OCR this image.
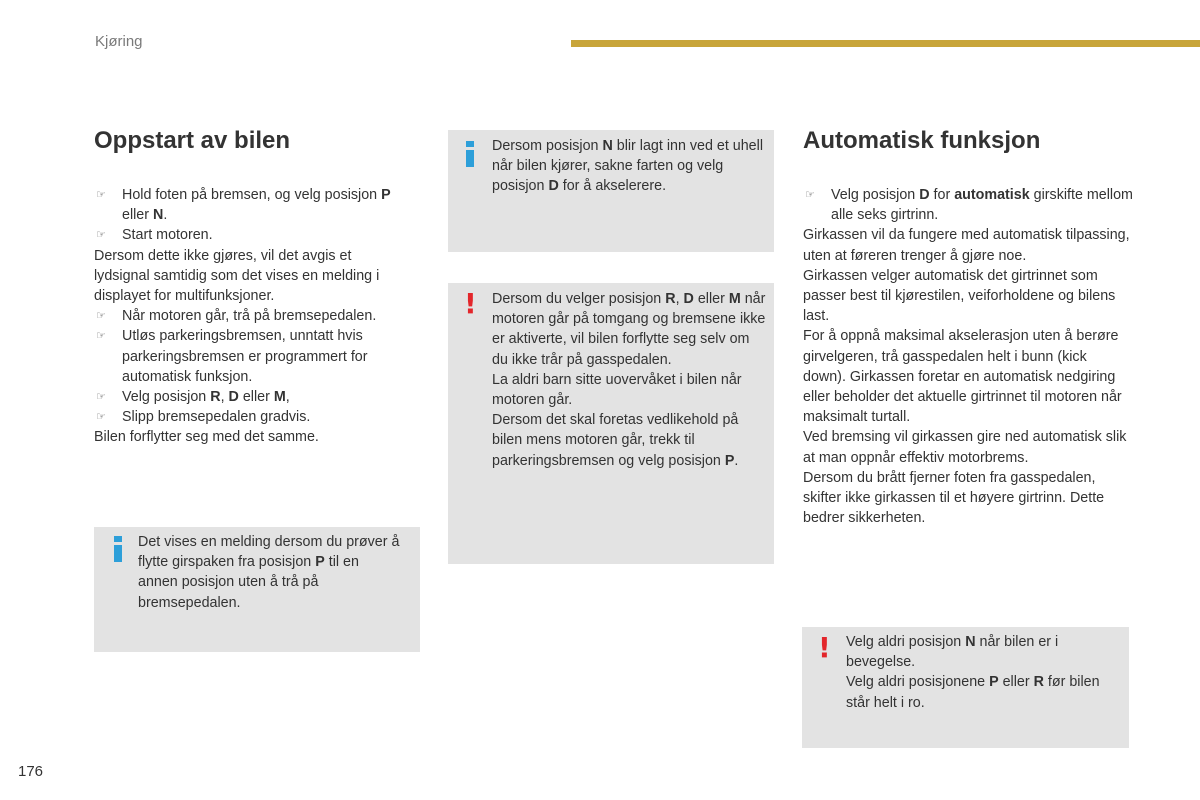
Kjøring
Oppstart av bilen

☞ Hold foten på bremsen, og velg posisjon P eller N.

☞ Start motoren.

Dersom dette ikke gjøres, vil det avgis et lydsignal samtidig som det vises en melding i displayet for multifunksjoner.

☞ Når motoren går, trå på bremsepedalen.

☞ Utløs parkeringsbremsen, unntatt hvis parkeringsbremsen er programmert for automatisk funksjon.

☞ Velg posisjon R, D eller M,

☞ Slipp bremsepedalen gradvis.

Bilen forflytter seg med det samme.

Det vises en melding dersom du prøver å flytte girspaken fra posisjon P til en annen posisjon uten å trå på bremsepedalen.

Dersom posisjon N blir lagt inn ved et uhell når bilen kjører, sakne farten og velg posisjon D for å akselerere.

! Dersom du velger posisjon R, D eller M når motoren går på tomgang og bremsene ikke er aktiverte, vil bilen forflytte seg selv om du ikke trår på gasspedalen.

La aldri barn sitte uovervåket i bilen når motoren går.

Dersom det skal foretas vedlikehold på bilen mens motoren går, trekk til parkeringsbremsen og velg posisjon P.

Automatisk funksjon

☞ Velg posisjon D for automatisk girskifte mellom alle seks girtrinn.

Girkassen vil da fungere med automatisk tilpassing, uten at føreren trenger å gjøre noe.

Girkassen velger automatisk det girtrinnet som passer best til kjørestilen, veiforholdene og bilens last.

For å oppnå maksimal akselerasjon uten å berøre girvelgeren, trå gasspedalen helt i bunn (kick down). Girkassen foretar en automatisk nedgiring eller beholder det aktuelle girtrinnet til motoren når maksimalt turtall.

Ved bremsing vil girkassen gire ned automatisk slik at man oppnår effektiv motorbrems.

Dersom du brått fjerner foten fra gasspedalen, skifter ikke girkassen til et høyere girtrinn. Dette bedrer sikkerheten.

! Velg aldri posisjon N når bilen er i bevegelse.

Velg aldri posisjonene P eller R før bilen står helt i ro.

176
